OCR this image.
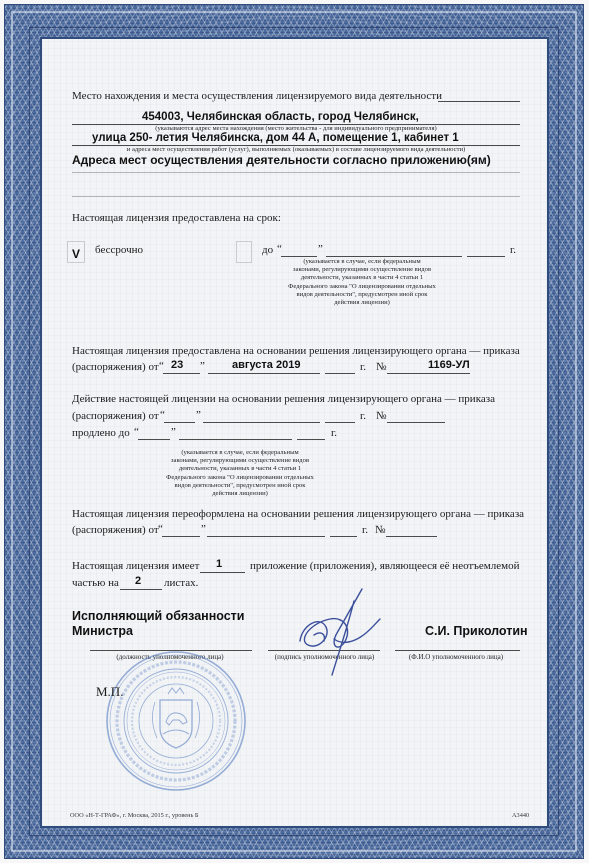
Место нахождения и места осуществления лицензируемого вида деятельности
454003, Челябинская область, город Челябинск,
(указываются адрес места нахождения (место жительства - для индивидуального предпринимателя)
улица 250- летия Челябинска, дом 44 А, помещение 1, кабинет 1
и адреса мест осуществления работ (услуг), выполняемых (оказываемых) в составе лицензируемого вида деятельности)
Адреса мест осуществления деятельности согласно приложению(ям)
Настоящая лицензия предоставлена на срок:
V бессрочно	до “	”	г.
(указывается в случае, если федеральным
законами, регулирующими осуществление видов
деятельности, указанных в части 4 статьи 1
Федерального закона "О лицензировании отдельных
видов деятельности", предусмотрен иной срок
действия лицензии)
Настоящая лицензия предоставлена на основании решения лицензирующего органа — приказа
(распоряжения) от “ 23 ” августа 2019	г. №	1169-УЛ
Действие настоящей лицензии на основании решения лицензирующего органа — приказа
(распоряжения) от “	”	г. №
продлено до “	”	г.
(указывается в случае, если федеральным
законами, регулирующими осуществление видов
деятельности, указанных в части 4 статьи 1
Федерального закона "О лицензировании отдельных
видов деятельности", предусмотрен иной срок
действия лицензии)
Настоящая лицензия переоформлена на основании решения лицензирующего органа — приказа
(распоряжения) от “	”	г. №
Настоящая лицензия имеет 1	приложение (приложения), являющееся её неотъемлемой
частью на 2 листах.
Исполняющий обязанности
Министра	С.И. Приколотин
(должность уполномоченного лица)	(подпись уполномоченного лица)	(Ф.И.О уполномоченного лица)
М.П.
ООО «Н-Т-ГРАФ», г. Москва, 2015 г., уровень Б	А3440
